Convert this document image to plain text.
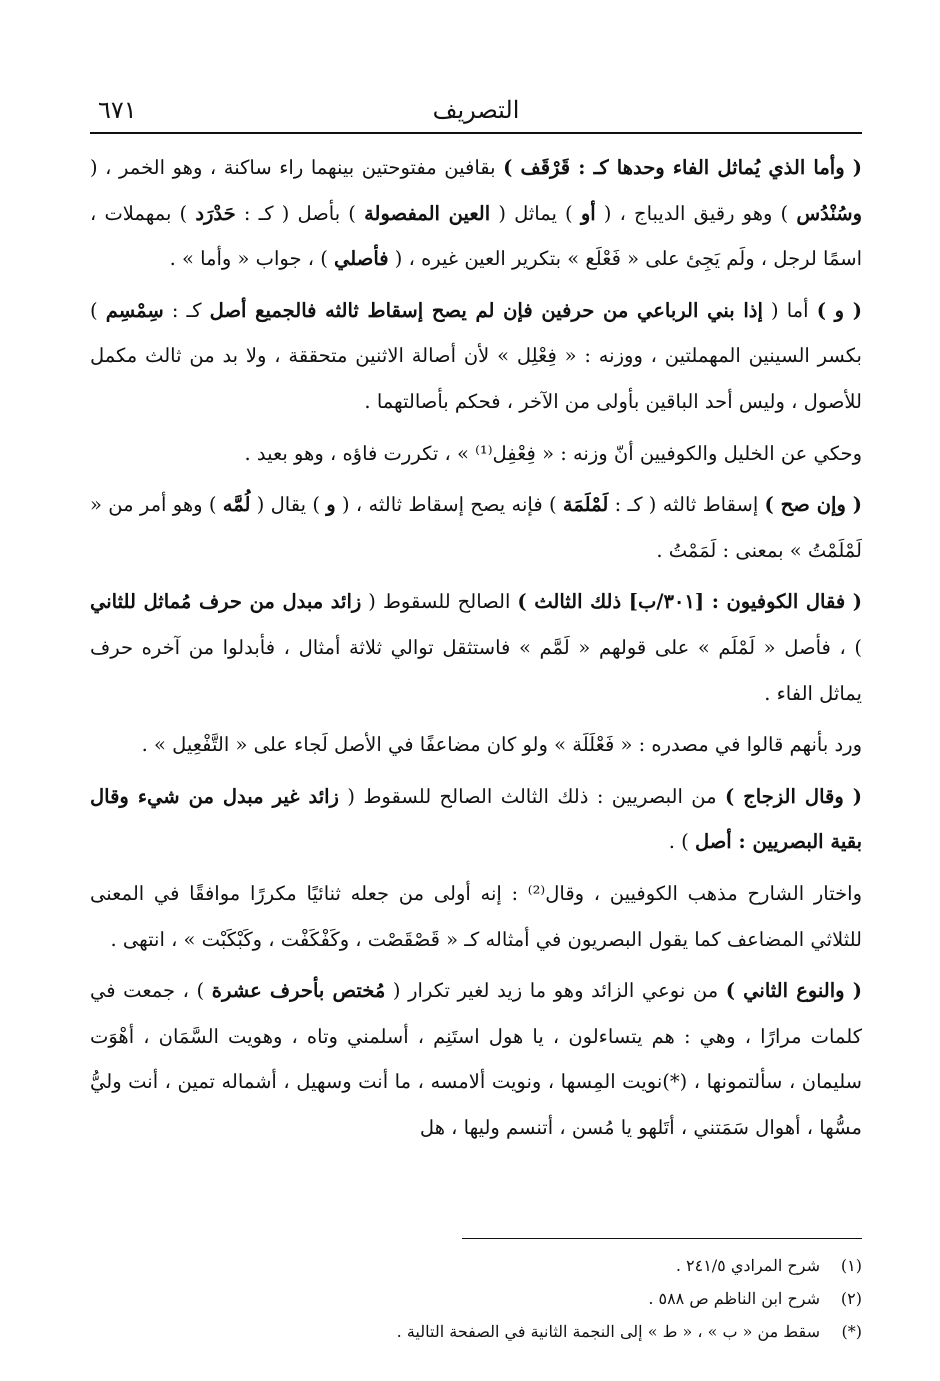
٦٧١	التصريف

( وأما الذي يُماثل الفاء وحدها كـ : قَرْقَف ) بقافين مفتوحتين بينهما راء ساكنة ، وهو الخمر ، ( وسُنْدُس ) وهو رقيق الديباج ، ( أو ) يماثل ( العين المفصولة ) بأصل ( كـ : حَدْرَد ) بمهملات ، اسمًا لرجل ، ولَم يَجِئ على « فَعْلَع » بتكرير العين غيره ، ( فأصلي ) ، جواب « وأما » .

( و ) أما ( إذا بني الرباعي من حرفين فإن لم يصح إسقاط ثالثه فالجميع أصل كـ : سِمْسِم ) بكسر السينين المهملتين ، ووزنه : « فِعْلِل » لأن أصالة الاثنين متحققة ، ولا بد من ثالث مكمل للأصول ، وليس أحد الباقين بأولى من الآخر ، فحكم بأصالتهما .

وحكي عن الخليل والكوفيين أنّ وزنه : « فِعْفِل⁽¹⁾ » ، تكررت فاؤه ، وهو بعيد .

( وإن صح ) إسقاط ثالثه ( كـ : لَمْلَمَة ) فإنه يصح إسقاط ثالثه ، ( و ) يقال ( لُمَّه ) وهو أمر من « لَمْلَمْتُ » بمعنى : لَمَمْتُ .

( فقال الكوفيون : [٣٠١/ب] ذلك الثالث ) الصالح للسقوط ( زائد مبدل من حرف مُماثل للثاني ) ، فأصل « لَمْلَم » على قولهم « لَمَّم » فاستثقل توالي ثلاثة أمثال ، فأبدلوا من آخره حرف يماثل الفاء .

ورد بأنهم قالوا في مصدره : « فَعْلَلَة » ولو كان مضاعفًا في الأصل لَجاء على « التَّفْعِيل » .

( وقال الزجاج ) من البصريين : ذلك الثالث الصالح للسقوط ( زائد غير مبدل من شيء وقال بقية البصريين : أصل ) .

واختار الشارح مذهب الكوفيين ، وقال⁽²⁾ : إنه أولى من جعله ثنائيًا مكررًا موافقًا في المعنى للثلاثي المضاعف كما يقول البصريون في أمثاله كـ « قَصْقَصْت ، وكَفْكَفْت ، وكَبْكَبْت » ، انتهى .

( والنوع الثاني ) من نوعي الزائد وهو ما زيد لغير تكرار ( مُختص بأحرف عشرة ) ، جمعت في كلمات مرارًا ، وهي : هم يتساءلون ، يا هول استَنِم ، أسلمني وتاه ، وهويت السَّمَان ، أهْوَت سليمان ، سألتمونها ، (*)نويت المِسها ، ونويت ألامسه ، ما أنت وسهيل ، أشماله تمين ، أنت وليُّ مسُّها ، أهوال سَمَتني ، أتَلهو يا مُسن ، أتنسم وليها ، هل

(١)
شرح المرادي ٢٤١/٥ .
(٢)
شرح ابن الناظم ص ٥٨٨ .
(*)
سقط من « ب » ، « ط » إلى النجمة الثانية في الصفحة التالية .
